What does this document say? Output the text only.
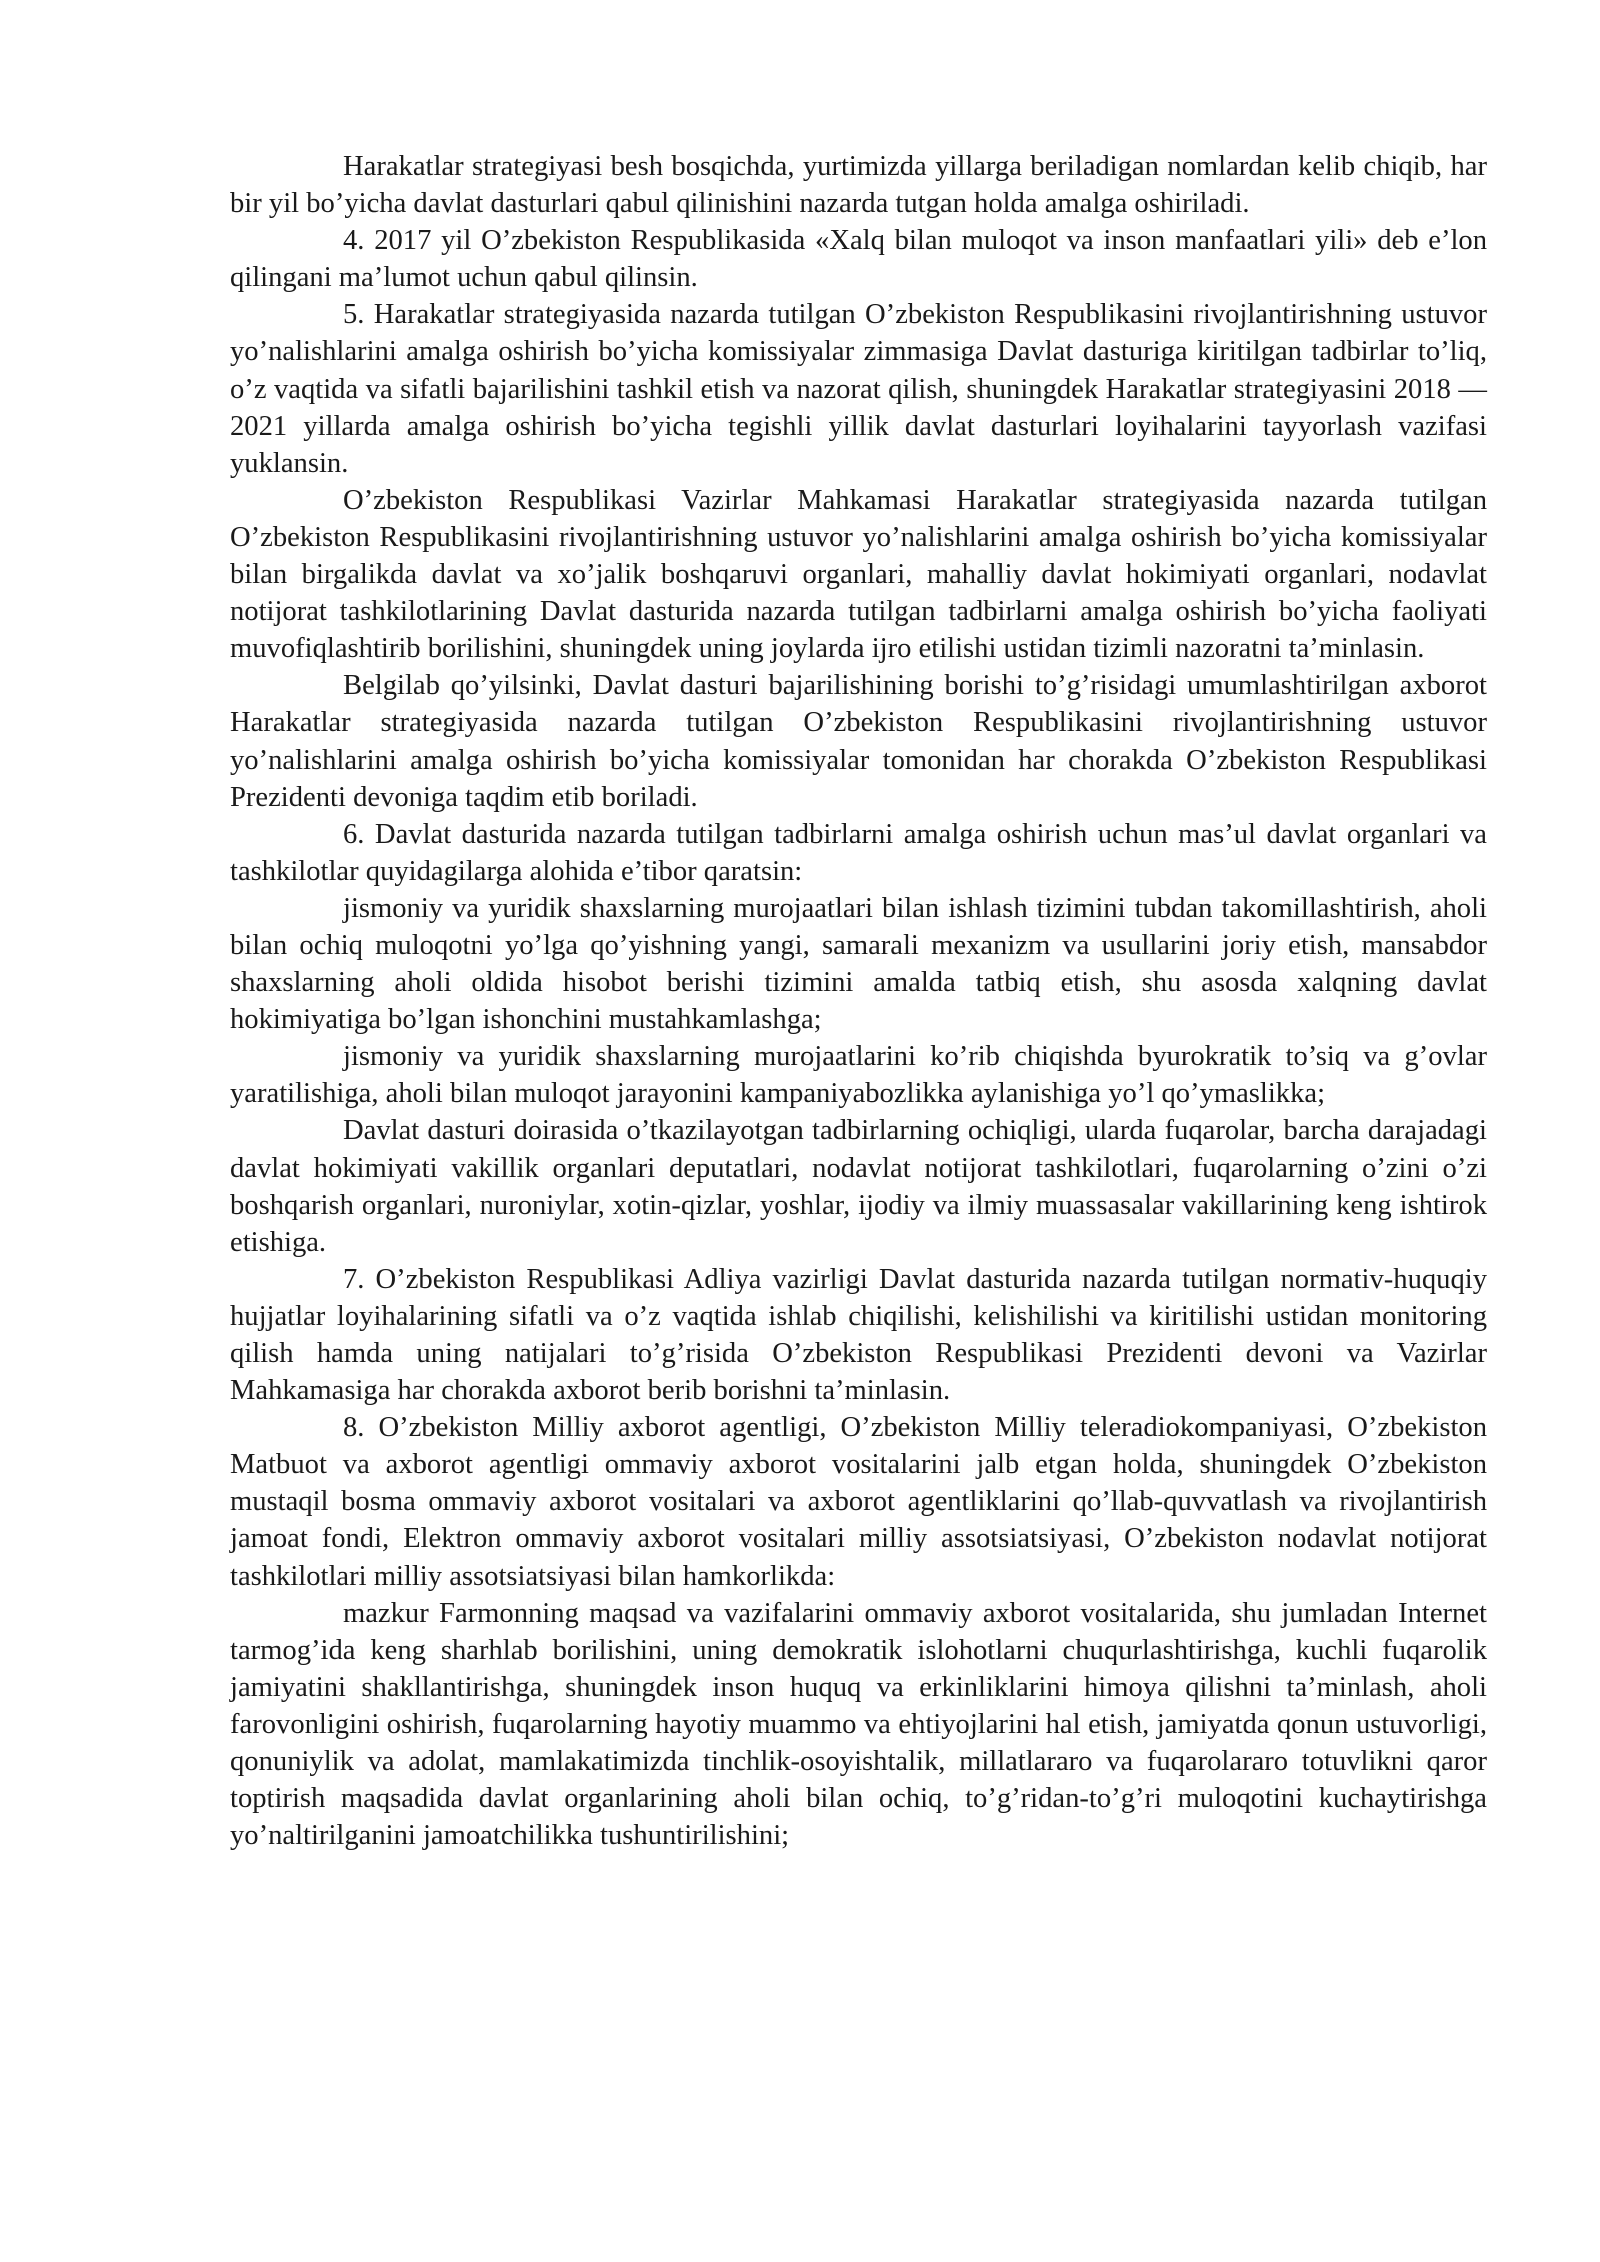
Harakatlar strategiyasi besh bosqichda, yurtimizda yillarga beriladigan nomlardan kelib chiqib, har bir yil bo’yicha davlat dasturlari qabul qilinishini nazarda tutgan holda amalga oshiriladi.

4. 2017 yil O’zbekiston Respublikasida «Xalq bilan muloqot va inson manfaatlari yili» deb e’lon qilingani ma’lumot uchun qabul qilinsin.

5. Harakatlar strategiyasida nazarda tutilgan O’zbekiston Respublikasini rivojlantirishning ustuvor yo’nalishlarini amalga oshirish bo’yicha komissiyalar zimmasiga Davlat dasturiga kiritilgan tadbirlar to’liq, o’z vaqtida va sifatli bajarilishini tashkil etish va nazorat qilish, shuningdek Harakatlar strategiyasini 2018 — 2021 yillarda amalga oshirish bo’yicha tegishli yillik davlat dasturlari loyihalarini tayyorlash vazifasi yuklansin.

O’zbekiston Respublikasi Vazirlar Mahkamasi Harakatlar strategiyasida nazarda tutilgan O’zbekiston Respublikasini rivojlantirishning ustuvor yo’nalishlarini amalga oshirish bo’yicha komissiyalar bilan birgalikda davlat va xo’jalik boshqaruvi organlari, mahalliy davlat hokimiyati organlari, nodavlat notijorat tashkilotlarining Davlat dasturida nazarda tutilgan tadbirlarni amalga oshirish bo’yicha faoliyati muvofiqlashtirib borilishini, shuningdek uning joylarda ijro etilishi ustidan tizimli nazoratni ta’minlasin.

Belgilab qo’yilsinki, Davlat dasturi bajarilishining borishi to’g’risidagi umumlashtirilgan axborot Harakatlar strategiyasida nazarda tutilgan O’zbekiston Respublikasini rivojlantirishning ustuvor yo’nalishlarini amalga oshirish bo’yicha komissiyalar tomonidan har chorakda O’zbekiston Respublikasi Prezidenti devoniga taqdim etib boriladi.

6. Davlat dasturida nazarda tutilgan tadbirlarni amalga oshirish uchun mas’ul davlat organlari va tashkilotlar quyidagilarga alohida e’tibor qaratsin:

jismoniy va yuridik shaxslarning murojaatlari bilan ishlash tizimini tubdan takomillashtirish, aholi bilan ochiq muloqotni yo’lga qo’yishning yangi, samarali mexanizm va usullarini joriy etish, mansabdor shaxslarning aholi oldida hisobot berishi tizimini amalda tatbiq etish, shu asosda xalqning davlat hokimiyatiga bo’lgan ishonchini mustahkamlashga;

jismoniy va yuridik shaxslarning murojaatlarini ko’rib chiqishda byurokratik to’siq va g’ovlar yaratilishiga, aholi bilan muloqot jarayonini kampaniyabozlikka aylanishiga yo’l qo’ymaslikka;

Davlat dasturi doirasida o’tkazilayotgan tadbirlarning ochiqligi, ularda fuqarolar, barcha darajadagi davlat hokimiyati vakillik organlari deputatlari, nodavlat notijorat tashkilotlari, fuqarolarning o’zini o’zi boshqarish organlari, nuroniylar, xotin-qizlar, yoshlar, ijodiy va ilmiy muassasalar vakillarining keng ishtirok etishiga.

7. O’zbekiston Respublikasi Adliya vazirligi Davlat dasturida nazarda tutilgan normativ-huquqiy hujjatlar loyihalarining sifatli va o’z vaqtida ishlab chiqilishi, kelishilishi va kiritilishi ustidan monitoring qilish hamda uning natijalari to’g’risida O’zbekiston Respublikasi Prezidenti devoni va Vazirlar Mahkamasiga har chorakda axborot berib borishni ta’minlasin.

8. O’zbekiston Milliy axborot agentligi, O’zbekiston Milliy teleradiokompaniyasi, O’zbekiston Matbuot va axborot agentligi ommaviy axborot vositalarini jalb etgan holda, shuningdek O’zbekiston mustaqil bosma ommaviy axborot vositalari va axborot agentliklarini qo’llab-quvvatlash va rivojlantirish jamoat fondi, Elektron ommaviy axborot vositalari milliy assotsiatsiyasi, O’zbekiston nodavlat notijorat tashkilotlari milliy assotsiatsiyasi bilan hamkorlikda:

mazkur Farmonning maqsad va vazifalarini ommaviy axborot vositalarida, shu jumladan Internet tarmog’ida keng sharhlab borilishini, uning demokratik islohotlarni chuqurlashtirishga, kuchli fuqarolik jamiyatini shakllantirishga, shuningdek inson huquq va erkinliklarini himoya qilishni ta’minlash, aholi farovonligini oshirish, fuqarolarning hayotiy muammo va ehtiyojlarini hal etish, jamiyatda qonun ustuvorligi, qonuniylik va adolat, mamlakatimizda tinchlik-osoyishtalik, millatlararo va fuqarolararo totuvlikni qaror toptirish maqsadida davlat organlarining aholi bilan ochiq, to’g’ridan-to’g’ri muloqotini kuchaytirishga yo’naltirilganini jamoatchilikka tushuntirilishini;
